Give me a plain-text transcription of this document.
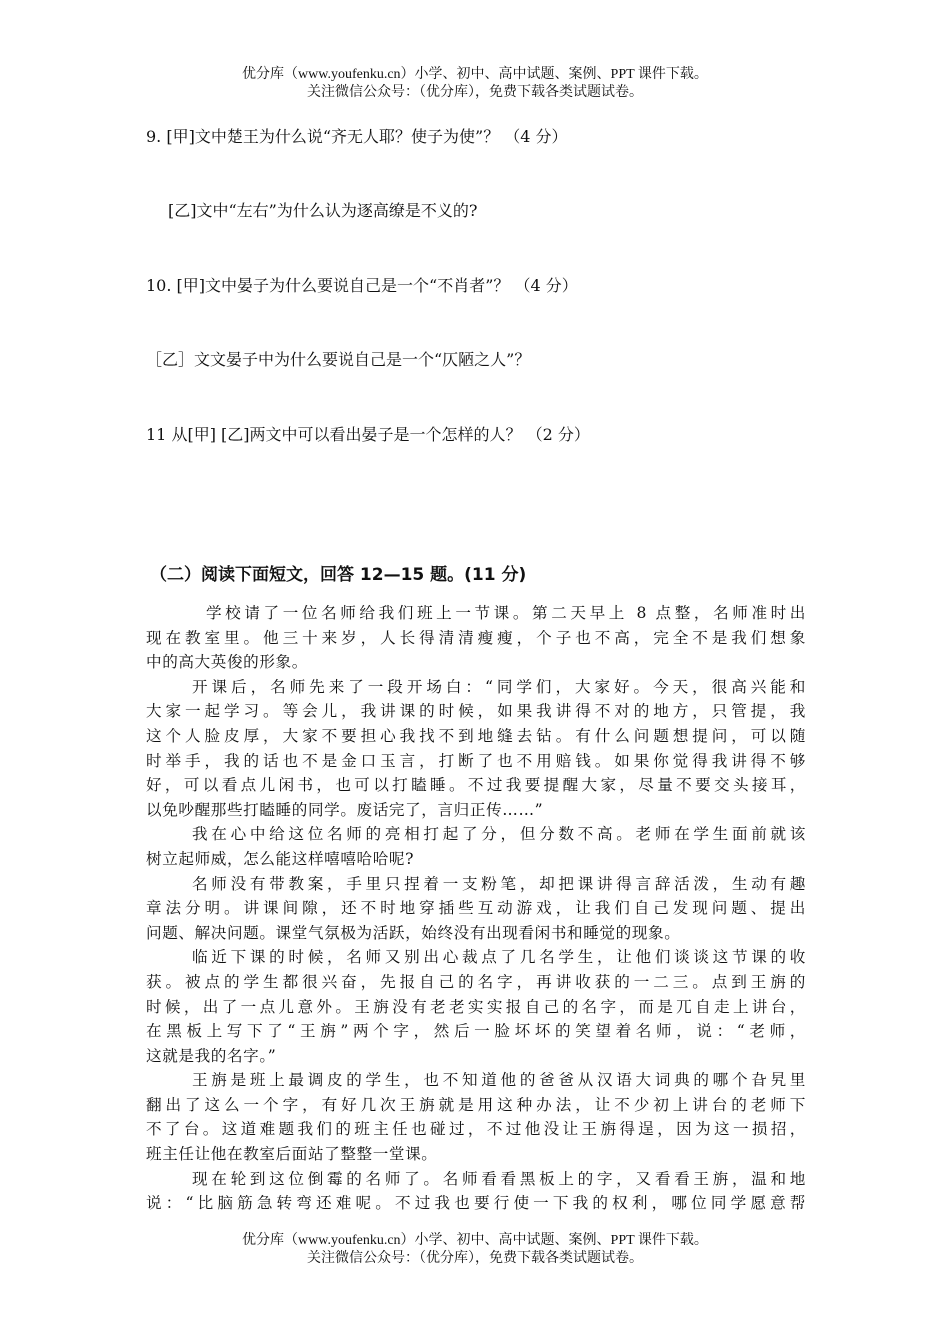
优分库（www.youfenku.cn）小学、初中、高中试题、案例、PPT 课件下载。
关注微信公众号：（优分库），免费下载各类试题试卷。
9. [甲]文中楚王为什么说“齐无人耶？使子为使”？ （4 分）
[乙]文中“左右”为什么认为逐高缭是不义的?
10. [甲]文中晏子为什么要说自己是一个“不肖者”？ （4 分）
［乙］文文晏子中为什么要说自己是一个“仄陋之人”？
11 从[甲] [乙]两文中可以看出晏子是一个怎样的人？ （2 分）
（二）阅读下面短文，回答 12—15 题。(11 分)
学校请了一位名师给我们班上一节课。第二天早上 8 点整，名师准时出
现在教室里。他三十来岁，人长得清清瘦瘦，个子也不高，完全不是我们想象
中的高大英俊的形象。
开课后，名师先来了一段开场白：“同学们，大家好。今天，很高兴能和
大家一起学习。等会儿，我讲课的时候，如果我讲得不对的地方，只管提，我
这个人脸皮厚，大家不要担心我找不到地缝去钻。有什么问题想提问，可以随
时举手，我的话也不是金口玉言，打断了也不用赔钱。如果你觉得我讲得不够
好，可以看点儿闲书，也可以打瞌睡。不过我要提醒大家，尽量不要交头接耳，
以免吵醒那些打瞌睡的同学。废话完了，言归正传……”
我在心中给这位名师的亮相打起了分，但分数不高。老师在学生面前就该
树立起师威，怎么能这样嘻嘻哈哈呢?
名师没有带教案，手里只捏着一支粉笔，却把课讲得言辞活泼，生动有趣
章法分明。讲课间隙，还不时地穿插些互动游戏，让我们自己发现问题、提出
问题、解决问题。课堂气氛极为活跃，始终没有出现看闲书和睡觉的现象。
临近下课的时候，名师又别出心裁点了几名学生，让他们谈谈这节课的收
获。被点的学生都很兴奋，先报自己的名字，再讲收获的一二三。点到王旃的
时候，出了一点儿意外。王旃没有老老实实报自己的名字，而是兀自走上讲台，
在黑板上写下了“王旃”两个字，然后一脸坏坏的笑望着名师，说：“老师，
这就是我的名字。”
王旃是班上最调皮的学生，也不知道他的爸爸从汉语大词典的哪个旮旯里
翻出了这么一个字，有好几次王旃就是用这种办法，让不少初上讲台的老师下
不了台。这道难题我们的班主任也碰过，不过他没让王旃得逞，因为这一损招，
班主任让他在教室后面站了整整一堂课。
现在轮到这位倒霉的名师了。名师看看黑板上的字，又看看王旃，温和地
说：“比脑筋急转弯还难呢。不过我也要行使一下我的权利，哪位同学愿意帮
优分库（www.youfenku.cn）小学、初中、高中试题、案例、PPT 课件下载。
关注微信公众号：（优分库），免费下载各类试题试卷。
